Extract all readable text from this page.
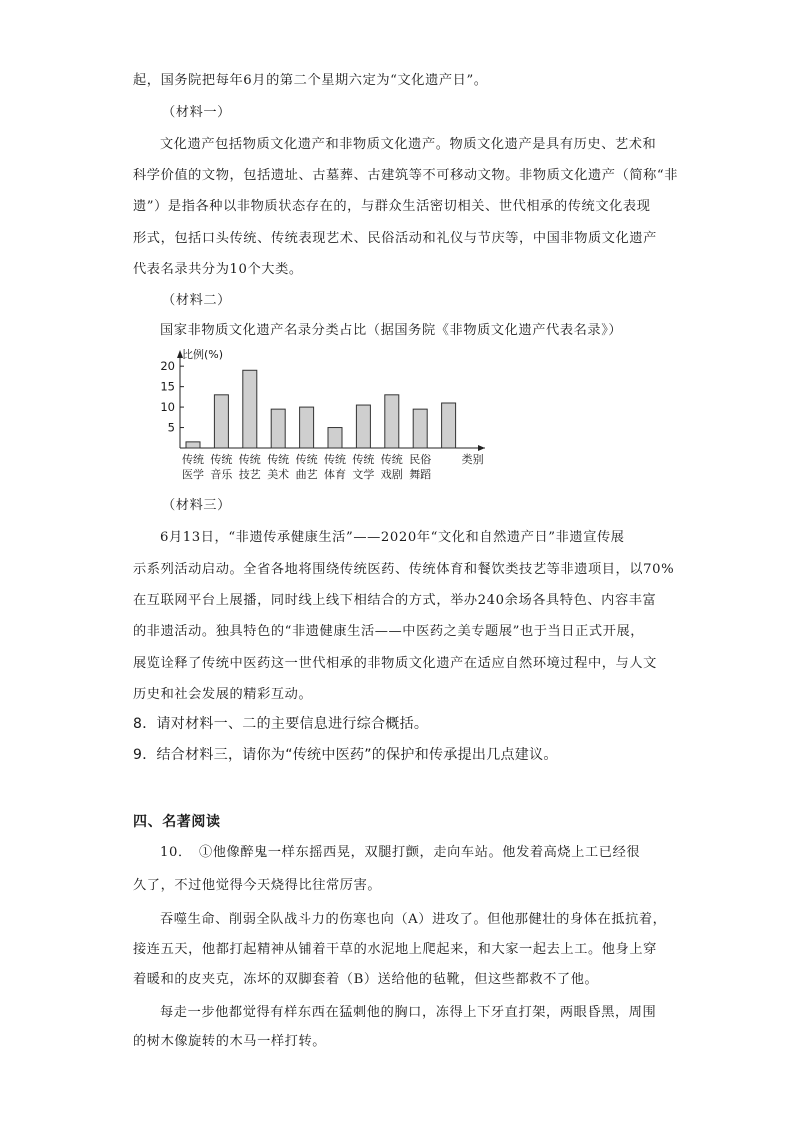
起，国务院把每年6月的第二个星期六定为“文化遗产日”。
（材料一）
文化遗产包括物质文化遗产和非物质文化遗产。物质文化遗产是具有历史、艺术和
科学价值的文物，包括遗址、古墓葬、古建筑等不可移动文物。非物质文化遗产（简称“非
遗”）是指各种以非物质状态存在的，与群众生活密切相关、世代相承的传统文化表现
形式，包括口头传统、传统表现艺术、民俗活动和礼仪与节庆等，中国非物质文化遗产
代表名录共分为10个大类。
（材料二）
国家非物质文化遗产名录分类占比（据国务院《非物质文化遗产代表名录》）
比例(%)
5
10
15
20
传统
医学
传统
音乐
传统
技艺
传统
美术
传统
曲艺
传统
体育
传统
文学
传统
戏剧
民俗
舞蹈
类别
（材料三）
6月13日，“非遗传承健康生活”——2020年“文化和自然遗产日”非遗宣传展
示系列活动启动。全省各地将围绕传统医药、传统体育和餐饮类技艺等非遗项目，以70%
在互联网平台上展播，同时线上线下相结合的方式，举办240余场各具特色、内容丰富
的非遗活动。独具特色的“非遗健康生活——中医药之美专题展”也于当日正式开展，
展览诠释了传统中医药这一世代相承的非物质文化遗产在适应自然环境过程中，与人文
历史和社会发展的精彩互动。
8．请对材料一、二的主要信息进行综合概括。
9．结合材料三，请你为“传统中医药”的保护和传承提出几点建议。
四、名著阅读
10．　①他像醉鬼一样东摇西晃，双腿打颤，走向车站。他发着高烧上工已经很
久了，不过他觉得今天烧得比往常厉害。
吞噬生命、削弱全队战斗力的伤寒也向（A）进攻了。但他那健壮的身体在抵抗着，
接连五天，他都打起精神从铺着干草的水泥地上爬起来，和大家一起去上工。他身上穿
着暖和的皮夹克，冻坏的双脚套着（B）送给他的毡靴，但这些都救不了他。
每走一步他都觉得有样东西在猛刺他的胸口，冻得上下牙直打架，两眼昏黑，周围
的树木像旋转的木马一样打转。
